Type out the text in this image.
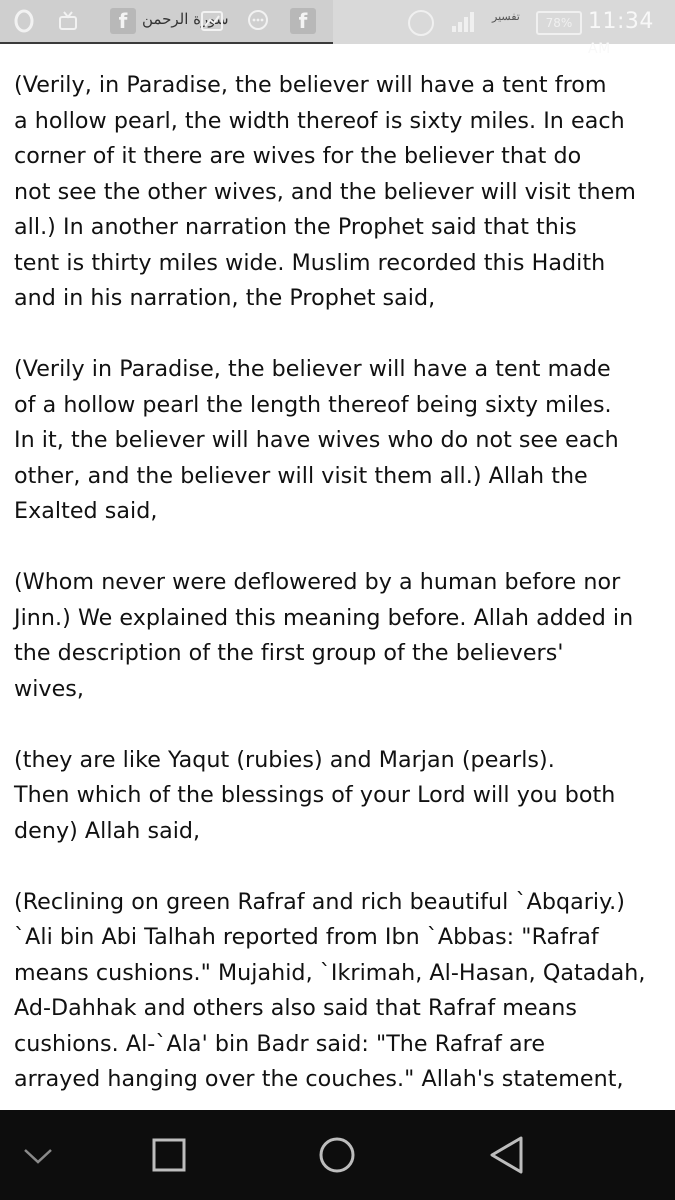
f سورة الرحمن	f	تفسير	78% 11:34 AM
(Verily, in Paradise, the believer will have a tent from
a hollow pearl, the width thereof is sixty miles. In each
corner of it there are wives for the believer that do
not see the other wives, and the believer will visit them
all.) In another narration the Prophet said that this
tent is thirty miles wide. Muslim recorded this Hadith
and in his narration, the Prophet said,
(Verily in Paradise, the believer will have a tent made
of a hollow pearl the length thereof being sixty miles.
In it, the believer will have wives who do not see each
other, and the believer will visit them all.) Allah the
Exalted said,
(Whom never were deflowered by a human before nor
Jinn.) We explained this meaning before. Allah added in
the description of the first group of the believers'
wives,
(they are like Yaqut (rubies) and Marjan (pearls).
Then which of the blessings of your Lord will you both
deny) Allah said,
(Reclining on green Rafraf and rich beautiful `Abqariy.)
`Ali bin Abi Talhah reported from Ibn `Abbas: "Rafraf
means cushions." Mujahid, `Ikrimah, Al-Hasan, Qatadah,
Ad-Dahhak and others also said that Rafraf means
cushions. Al-`Ala' bin Badr said: "The Rafraf are
arrayed hanging over the couches." Allah's statement,
